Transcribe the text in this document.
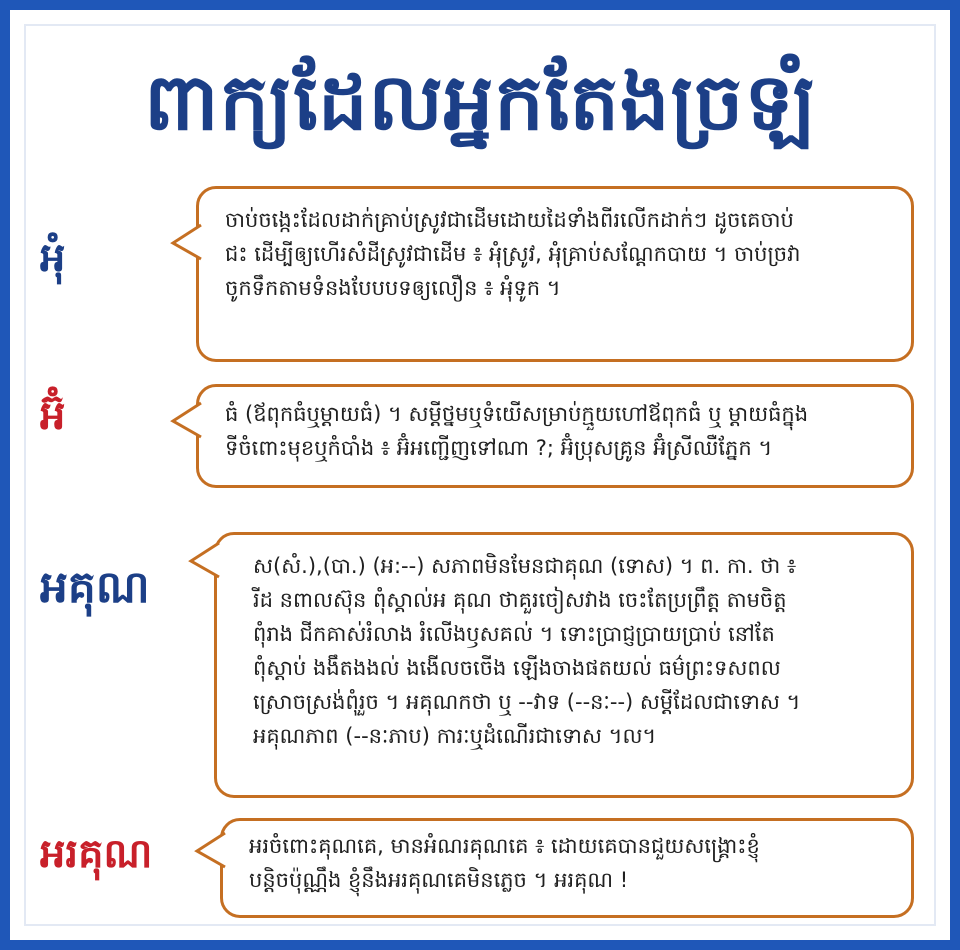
ពាក្យដែលអ្នកតែងច្រឡំ
អុំ

ចាប់ចង្កេះដែលដាក់គ្រាប់ស្រូវជាដើមដោយដៃទាំងពីរលើកដាក់ៗ ដូចគេចាប់

ជះ ដើម្បីឲ្យហើរសំដីស្រូវជាដើម ៖ អុំស្រូវ, អុំគ្រាប់សណ្តែកបាយ ។ ចាប់ច្រវា

ចូកទឹកតាមទំនងបែបបទឲ្យលឿន ៖ អុំទូក ។

អ៊ំ	ធំ (ឪពុកធំឬម្តាយធំ) ។ សម្តីថ្នមឬទំយើសម្រាប់ក្មួយហៅឪពុកធំ ឬ ម្តាយធំក្នុង

ទីចំពោះមុខឬកំបាំង ៖ អ៊ំអញ្ជើញទៅណា ?; អ៊ំប្រុសគ្រូន អ៊ំស្រីឈឺភ្នែក ។

អគុណ	ស(សំ.),(បា.) (អ:--) សភាពមិនមែនជាគុណ (ទោស) ។ ព. កា. ថា ៖

រីដ នពាលស៊ុន ពុំស្គាល់អ គុណ ថាគួរចៀសវាង ចេះតែប្រព្រឹត្ត តាមចិត្ត

ពុំរាង ជីកគាស់រំលាង រំលើងឫសគល់ ។ ទោះប្រាជ្ញប្រាយប្រាប់ នៅតែ

ពុំស្តាប់ ងងឹតងងល់ ងងើលចចើង ឡើងចាងផតយល់ ធម៌ព្រះទសពល

ស្រោចស្រង់ពុំរួច ។ អគុណកថា ឬ --វាទ (--នៈ--) សម្តីដែលជាទោស ។

អគុណភាព (--នៈភាប) ការៈឬដំណើរជាទោស ។ល។

អរគុណ	អរចំពោះគុណគេ, មានអំណរគុណគេ ៖ ដោយគេបានជួយសង្គ្រោះខ្ញុំ

បន្តិចប៉ុណ្ណឹង ខ្ញុំនឹងអរគុណគេមិនភ្លេច ។ អរគុណ !
